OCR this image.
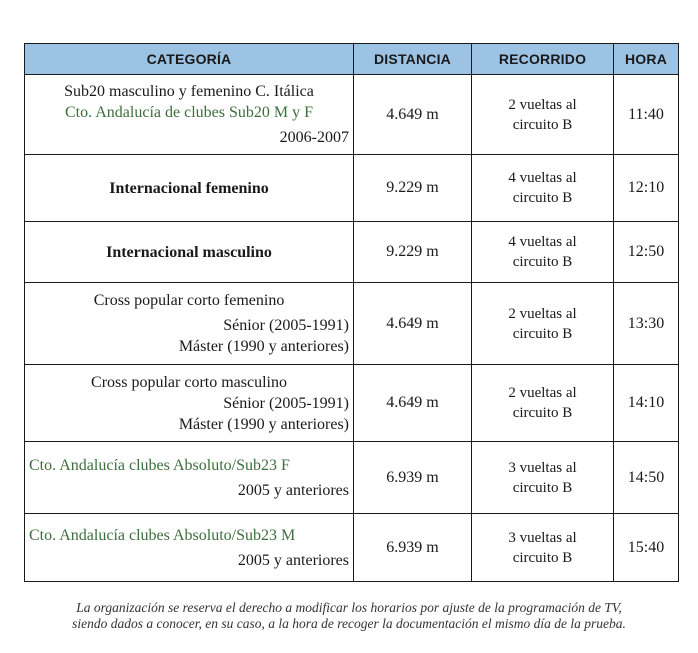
CATEGORÍA	DISTANCIA	RECORRIDO	HORA

Sub20 masculino y femenino C. Itálica
Cto. Andalucía de clubes Sub20 M y F
2006-2007	4.649 m	2 vueltas al
circuito B	11:40

Internacional femenino	9.229 m	4 vueltas al
circuito B	12:10

Internacional masculino	9.229 m	4 vueltas al
circuito B	12:50

Cross popular corto femenino
Sénior (2005-1991)
Máster (1990 y anteriores)	4.649 m	2 vueltas al
circuito B	13:30

Cross popular corto masculino
Sénior (2005-1991)
Máster (1990 y anteriores)	4.649 m	2 vueltas al
circuito B	14:10

Cto. Andalucía clubes Absoluto/Sub23 F
2005 y anteriores	6.939 m	3 vueltas al
circuito B	14:50

Cto. Andalucía clubes Absoluto/Sub23 M
2005 y anteriores	6.939 m	3 vueltas al
circuito B	15:40
La organización se reserva el derecho a modificar los horarios por ajuste de la programación de TV,
siendo dados a conocer, en su caso, a la hora de recoger la documentación el mismo día de la prueba.
